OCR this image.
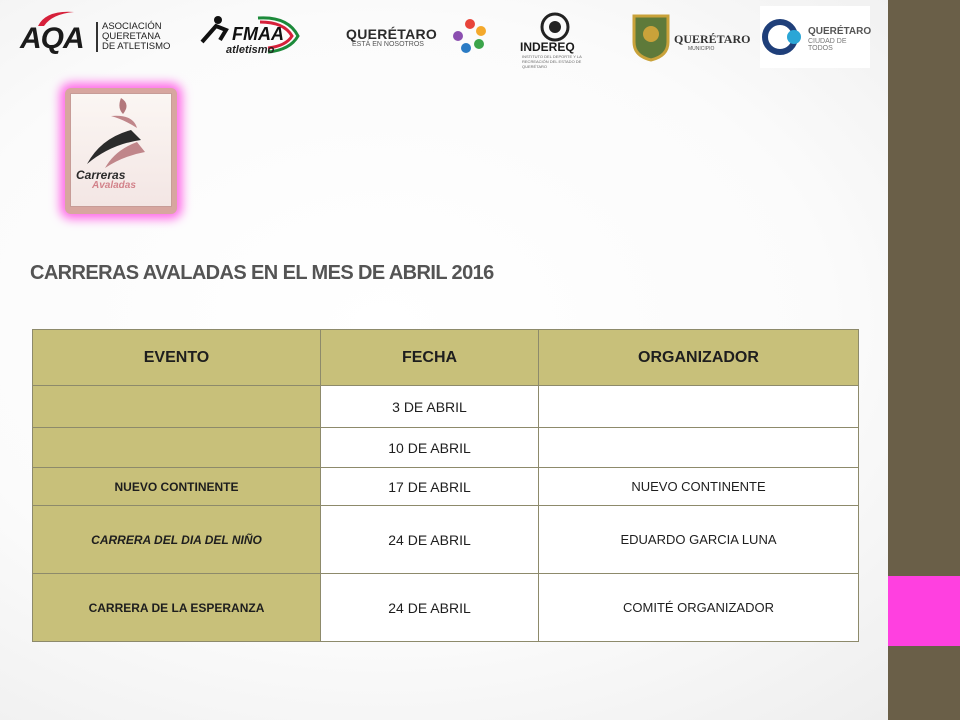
AQA ASOCIACIÓN
QUERETANA
DE ATLETISMO
FMAA
atletismo
QUERÉTARO
ESTÁ EN NOSOTROS	INDEREQ
INSTITUTO DEL DEPORTE Y LA RECREACIÓN DEL ESTADO DE QUERÉTARO
QUERÉTARO
MUNICIPIO
QUERÉTARO
CIUDAD DE TODOS
Carreras
Avaladas
CARRERAS AVALADAS EN EL MES DE ABRIL 2016
EVENTO	FECHA	ORGANIZADOR
	3 DE ABRIL	
	10 DE ABRIL	
NUEVO CONTINENTE	17 DE ABRIL	NUEVO CONTINENTE
CARRERA DEL DIA DEL NIÑO	24 DE ABRIL	EDUARDO GARCIA LUNA
CARRERA DE LA ESPERANZA	24 DE ABRIL	COMITÉ ORGANIZADOR
